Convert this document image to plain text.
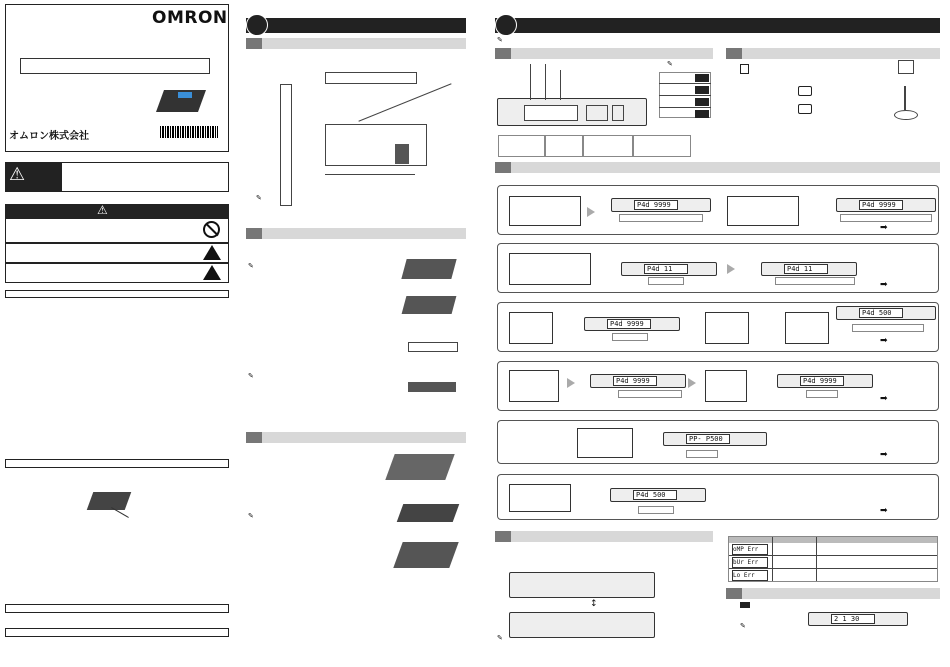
OMRON
オムロン株式会社
⚠
⚠
✎
✎
✎
✎
✎
✎
P4d 9999	P4d 9999
➡
P4d 11	P4d 11
➡
P4d 9999
P4d 500
➡
P4d 9999	P4d 9999
➡
PP- P500
➡
P4d 500
➡
↕
✎
oMP Err
bUr Err
Lo Err
✎
2 1 30
